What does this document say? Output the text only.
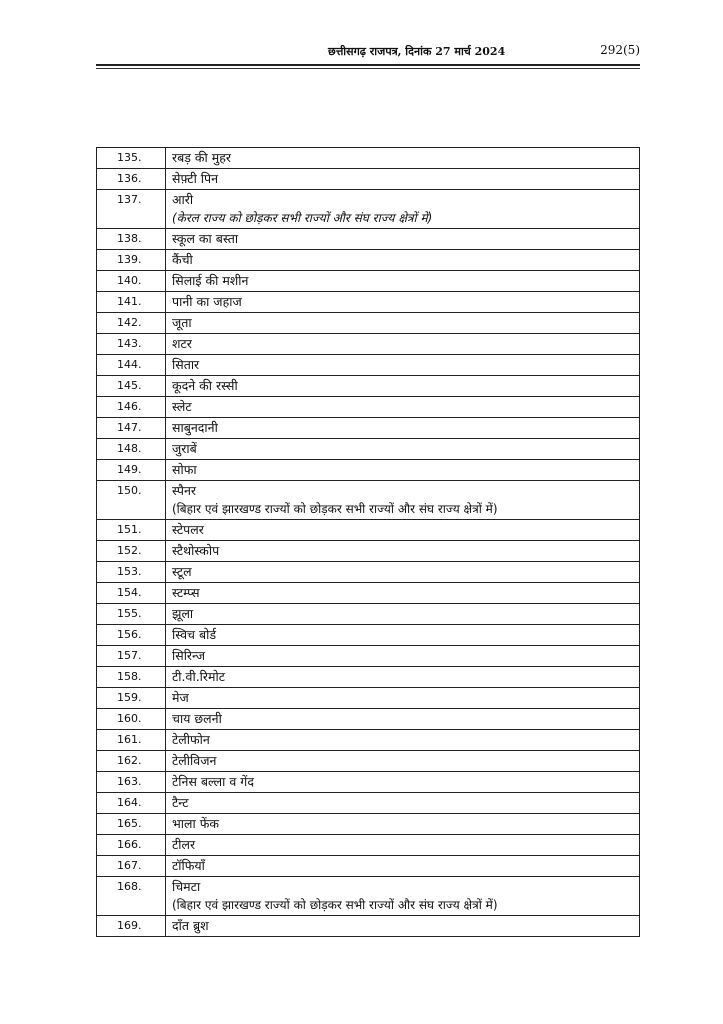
छत्तीसगढ़ राजपत्र, दिनांक 27 मार्च 2024	292(5)
135.	रबड़ की मुहर

136.	सेफ़्टी पिन

137.	आरी
(केरल राज्य को छोड़कर सभी राज्यों और संघ राज्य क्षेत्रों में)

138.	स्कूल का बस्ता

139.	कैंची

140.	सिलाई की मशीन

141.	पानी का जहाज

142.	जूता

143.	शटर

144.	सितार

145.	कूदने की रस्सी

146.	स्लेट

147.	साबुनदानी

148.	जुराबें

149.	सोफा

150.	स्पैनर
(बिहार एवं झारखण्ड राज्यों को छोड़कर सभी राज्यों और संघ राज्य क्षेत्रों में)

151.	स्टेपलर

152.	स्टैथोस्कोप

153.	स्टूल

154.	स्टम्प्स

155.	झूला

156.	स्विच बोर्ड

157.	सिरिन्ज

158.	टी.वी.रिमोट

159.	मेज

160.	चाय छलनी

161.	टेलीफोन

162.	टेलीविजन

163.	टेनिस बल्ला व गेंद

164.	टैन्ट

165.	भाला फेंक

166.	टीलर

167.	टॉफियाँ

168.	चिमटा
(बिहार एवं झारखण्ड राज्यों को छोड़कर सभी राज्यों और संघ राज्य क्षेत्रों में)

169.	दाँत ब्रुश
